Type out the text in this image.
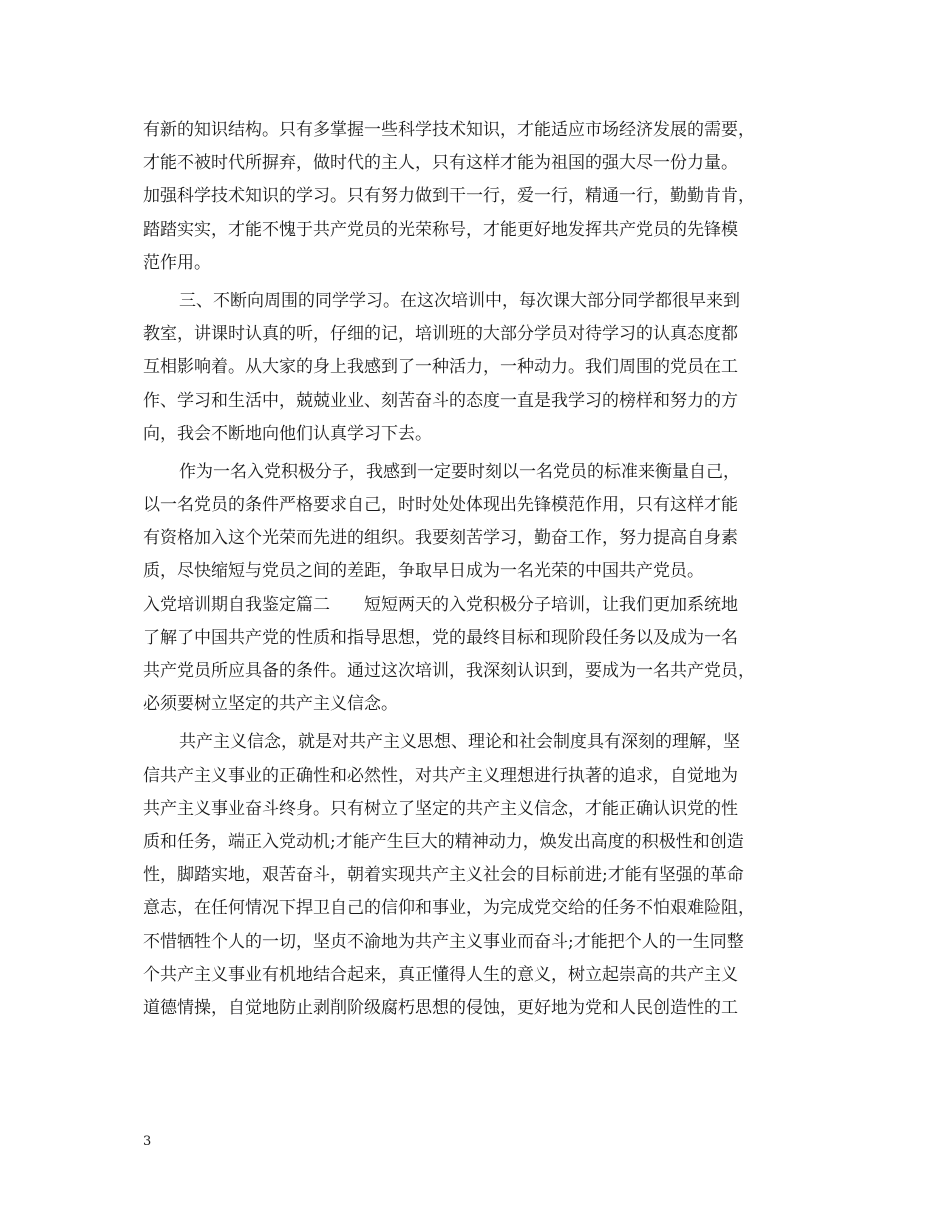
有新的知识结构。只有多掌握一些科学技术知识，才能适应市场经济发展的需要，
才能不被时代所摒弃，做时代的主人，只有这样才能为祖国的强大尽一份力量。
加强科学技术知识的学习。只有努力做到干一行，爱一行，精通一行，勤勤肯肯，
踏踏实实，才能不愧于共产党员的光荣称号，才能更好地发挥共产党员的先锋模
范作用。
三、不断向周围的同学学习。在这次培训中，每次课大部分同学都很早来到
教室，讲课时认真的听，仔细的记，培训班的大部分学员对待学习的认真态度都
互相影响着。从大家的身上我感到了一种活力，一种动力。我们周围的党员在工
作、学习和生活中，兢兢业业、刻苦奋斗的态度一直是我学习的榜样和努力的方
向，我会不断地向他们认真学习下去。
作为一名入党积极分子，我感到一定要时刻以一名党员的标准来衡量自己，
以一名党员的条件严格要求自己，时时处处体现出先锋模范作用，只有这样才能
有资格加入这个光荣而先进的组织。我要刻苦学习，勤奋工作，努力提高自身素
质，尽快缩短与党员之间的差距，争取早日成为一名光荣的中国共产党员。
入党培训期自我鉴定篇二　　短短两天的入党积极分子培训，让我们更加系统地
了解了中国共产党的性质和指导思想，党的最终目标和现阶段任务以及成为一名
共产党员所应具备的条件。通过这次培训，我深刻认识到，要成为一名共产党员，
必须要树立坚定的共产主义信念。
共产主义信念，就是对共产主义思想、理论和社会制度具有深刻的理解，坚
信共产主义事业的正确性和必然性，对共产主义理想进行执著的追求，自觉地为
共产主义事业奋斗终身。只有树立了坚定的共产主义信念，才能正确认识党的性
质和任务，端正入党动机;才能产生巨大的精神动力，焕发出高度的积极性和创造
性，脚踏实地，艰苦奋斗，朝着实现共产主义社会的目标前进;才能有坚强的革命
意志，在任何情况下捍卫自己的信仰和事业，为完成党交给的任务不怕艰难险阻，
不惜牺牲个人的一切，坚贞不渝地为共产主义事业而奋斗;才能把个人的一生同整
个共产主义事业有机地结合起来，真正懂得人生的意义，树立起崇高的共产主义
道德情操，自觉地防止剥削阶级腐朽思想的侵蚀，更好地为党和人民创造性的工
3
